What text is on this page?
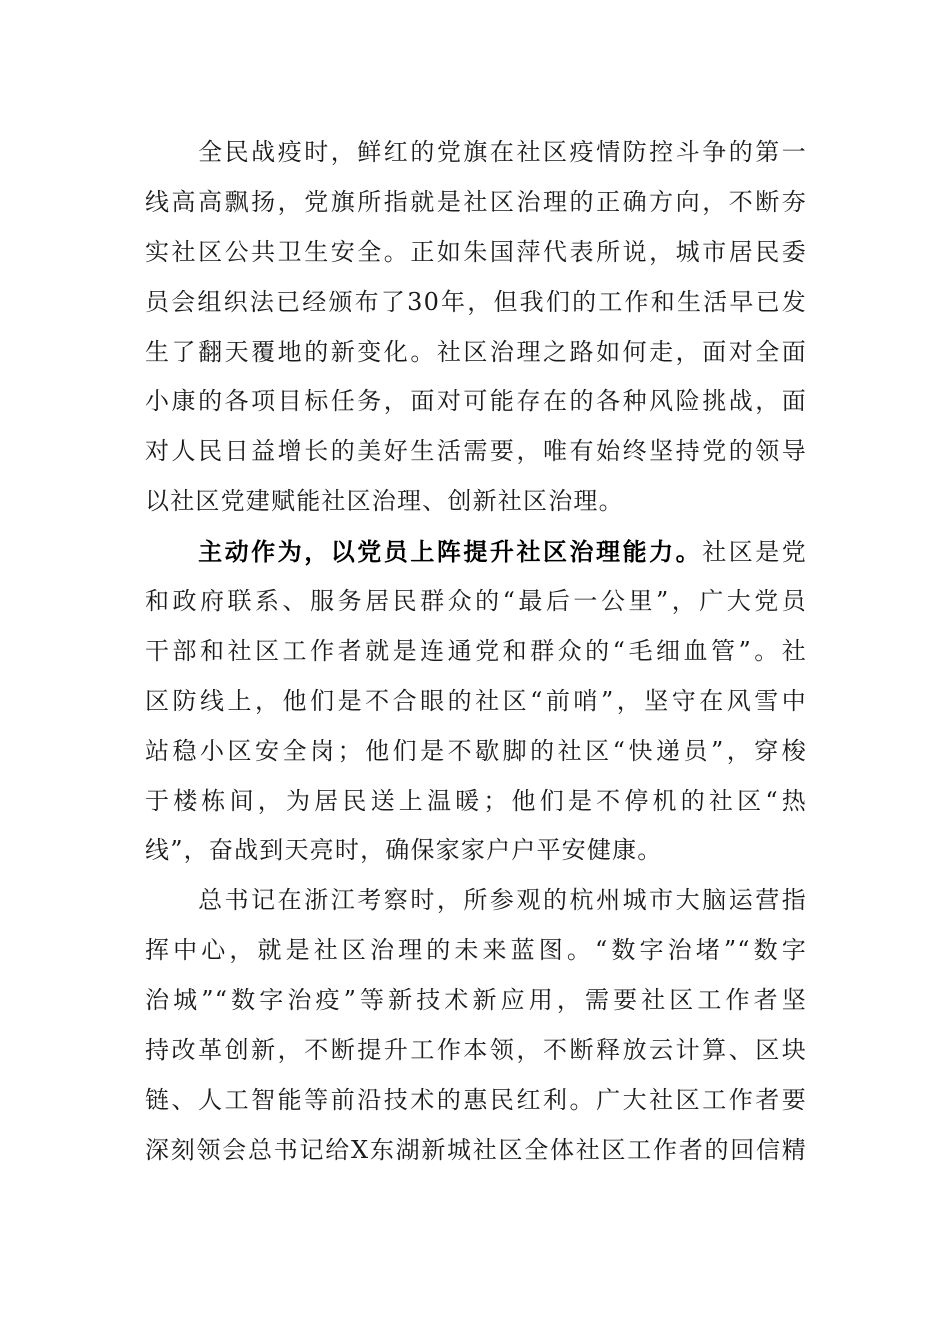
　　全民战疫时，鲜红的党旗在社区疫情防控斗争的第一
线高高飘扬，党旗所指就是社区治理的正确方向，不断夯
实社区公共卫生安全。正如朱国萍代表所说，城市居民委
员会组织法已经颁布了30年，但我们的工作和生活早已发
生了翻天覆地的新变化。社区治理之路如何走，面对全面
小康的各项目标任务，面对可能存在的各种风险挑战，面
对人民日益增长的美好生活需要，唯有始终坚持党的领导
以社区党建赋能社区治理、创新社区治理。
　　主动作为，以党员上阵提升社区治理能力。社区是党
和政府联系、服务居民群众的“最后一公里”，广大党员
干部和社区工作者就是连通党和群众的“毛细血管”。社
区防线上，他们是不合眼的社区“前哨”，坚守在风雪中
站稳小区安全岗；他们是不歇脚的社区“快递员”，穿梭
于楼栋间，为居民送上温暖；他们是不停机的社区“热
线”，奋战到天亮时，确保家家户户平安健康。
　　总书记在浙江考察时，所参观的杭州城市大脑运营指
挥中心，就是社区治理的未来蓝图。“数字治堵”“数字
治城”“数字治疫”等新技术新应用，需要社区工作者坚
持改革创新，不断提升工作本领，不断释放云计算、区块
链、人工智能等前沿技术的惠民红利。广大社区工作者要
深刻领会总书记给X东湖新城社区全体社区工作者的回信精
